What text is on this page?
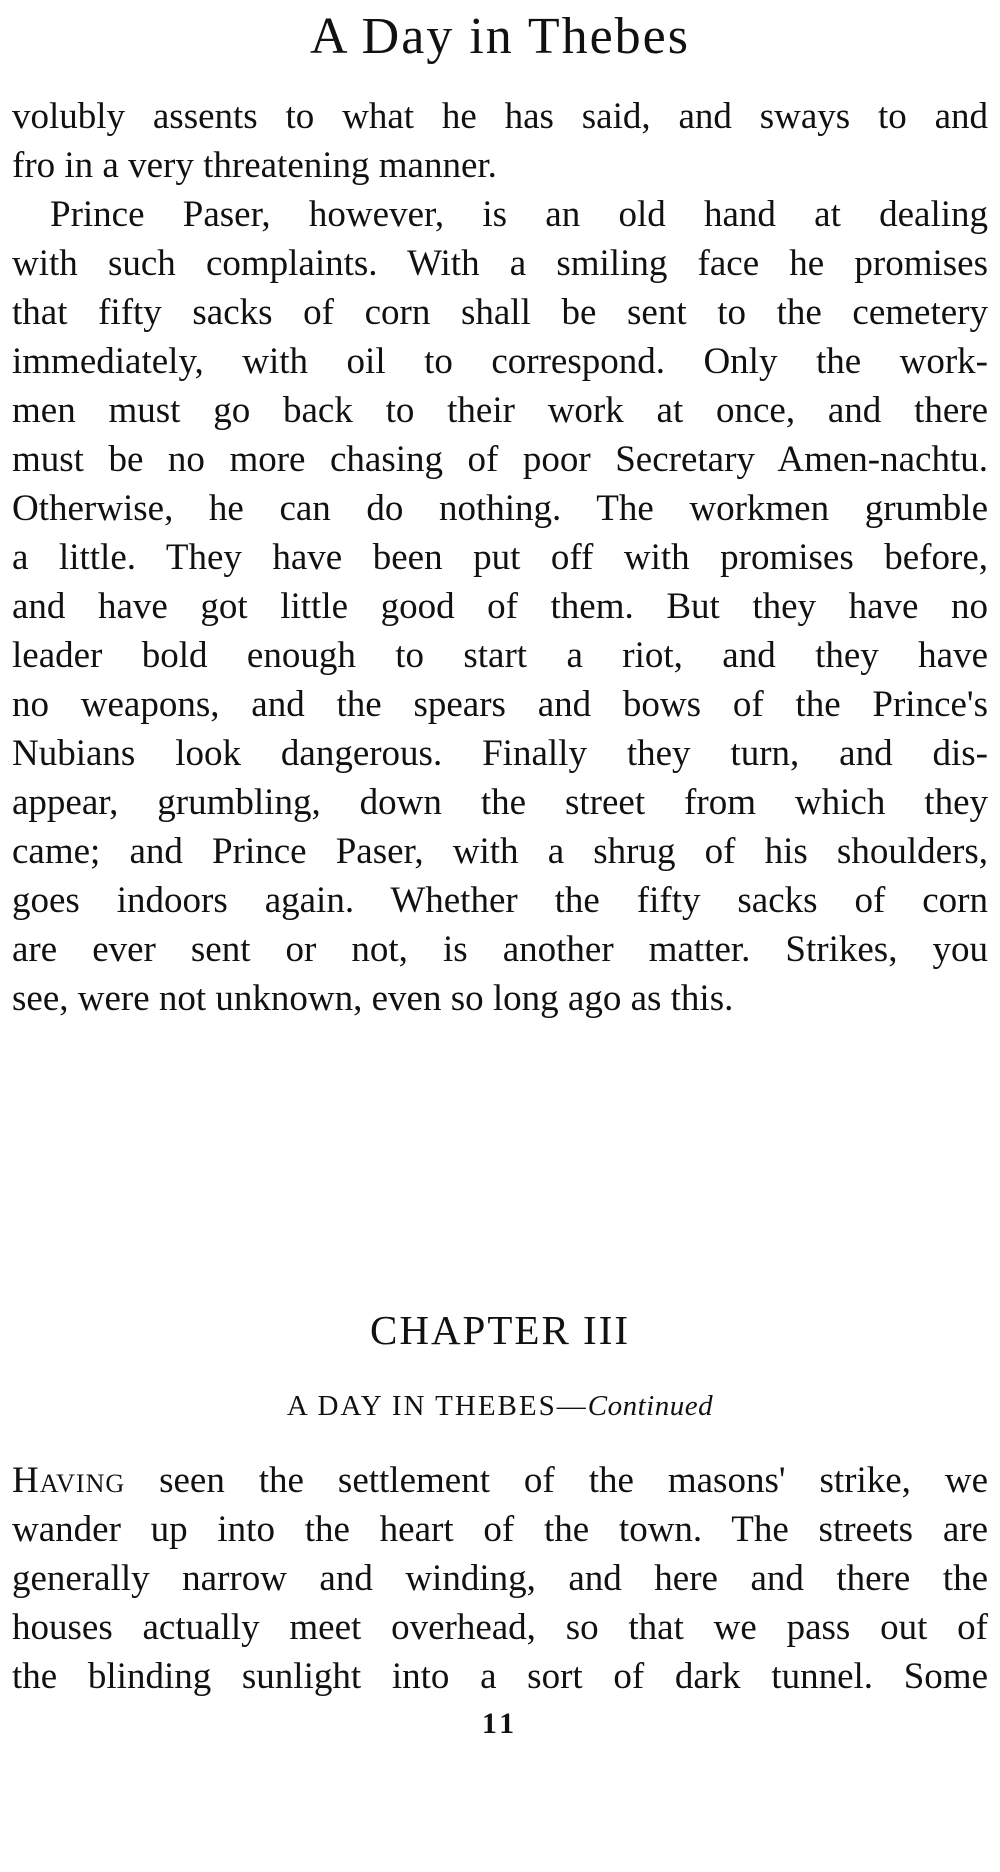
A Day in Thebes

volubly assents to what he has said, and sways to and
fro in a very threatening manner.

Prince Paser, however, is an old hand at dealing
with such complaints. With a smiling face he promises
that fifty sacks of corn shall be sent to the cemetery
immediately, with oil to correspond. Only the work-
men must go back to their work at once, and there
must be no more chasing of poor Secretary Amen-nachtu.
Otherwise, he can do nothing. The workmen grumble
a little. They have been put off with promises before,
and have got little good of them. But they have no
leader bold enough to start a riot, and they have
no weapons, and the spears and bows of the Prince's
Nubians look dangerous. Finally they turn, and dis-
appear, grumbling, down the street from which they
came; and Prince Paser, with a shrug of his shoulders,
goes indoors again. Whether the fifty sacks of corn
are ever sent or not, is another matter. Strikes, you
see, were not unknown, even so long ago as this.

CHAPTER III
A DAY IN THEBES—Continued

Having seen the settlement of the masons' strike, we
wander up into the heart of the town. The streets are
generally narrow and winding, and here and there the
houses actually meet overhead, so that we pass out of
the blinding sunlight into a sort of dark tunnel. Some

11
